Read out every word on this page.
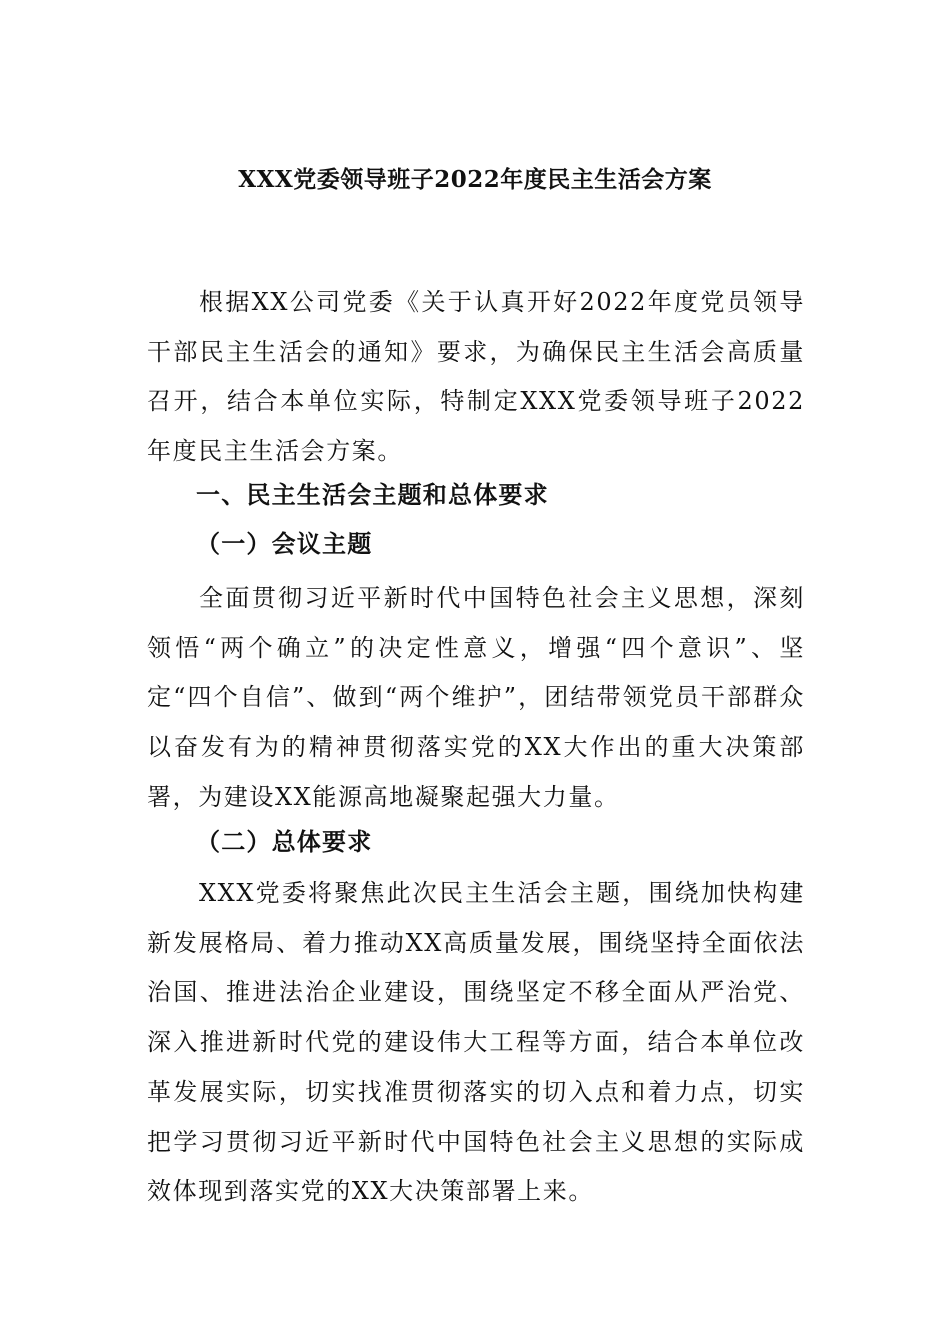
XXX党委领导班子2022年度民主生活会方案

根据XX公司党委《关于认真开好2022年度党员领导干部民主生活会的通知》要求，为确保民主生活会高质量召开，结合本单位实际，特制定XXX党委领导班子2022年度民主生活会方案。

一、民主生活会主题和总体要求
（一）会议主题

全面贯彻习近平新时代中国特色社会主义思想，深刻领悟“两个确立”的决定性意义，增强“四个意识”、坚定“四个自信”、做到“两个维护”，团结带领党员干部群众以奋发有为的精神贯彻落实党的XX大作出的重大决策部署，为建设XX能源高地凝聚起强大力量。

（二）总体要求

XXX党委将聚焦此次民主生活会主题，围绕加快构建新发展格局、着力推动XX高质量发展，围绕坚持全面依法治国、推进法治企业建设，围绕坚定不移全面从严治党、深入推进新时代党的建设伟大工程等方面，结合本单位改革发展实际，切实找准贯彻落实的切入点和着力点，切实把学习贯彻习近平新时代中国特色社会主义思想的实际成效体现到落实党的XX大决策部署上来。
